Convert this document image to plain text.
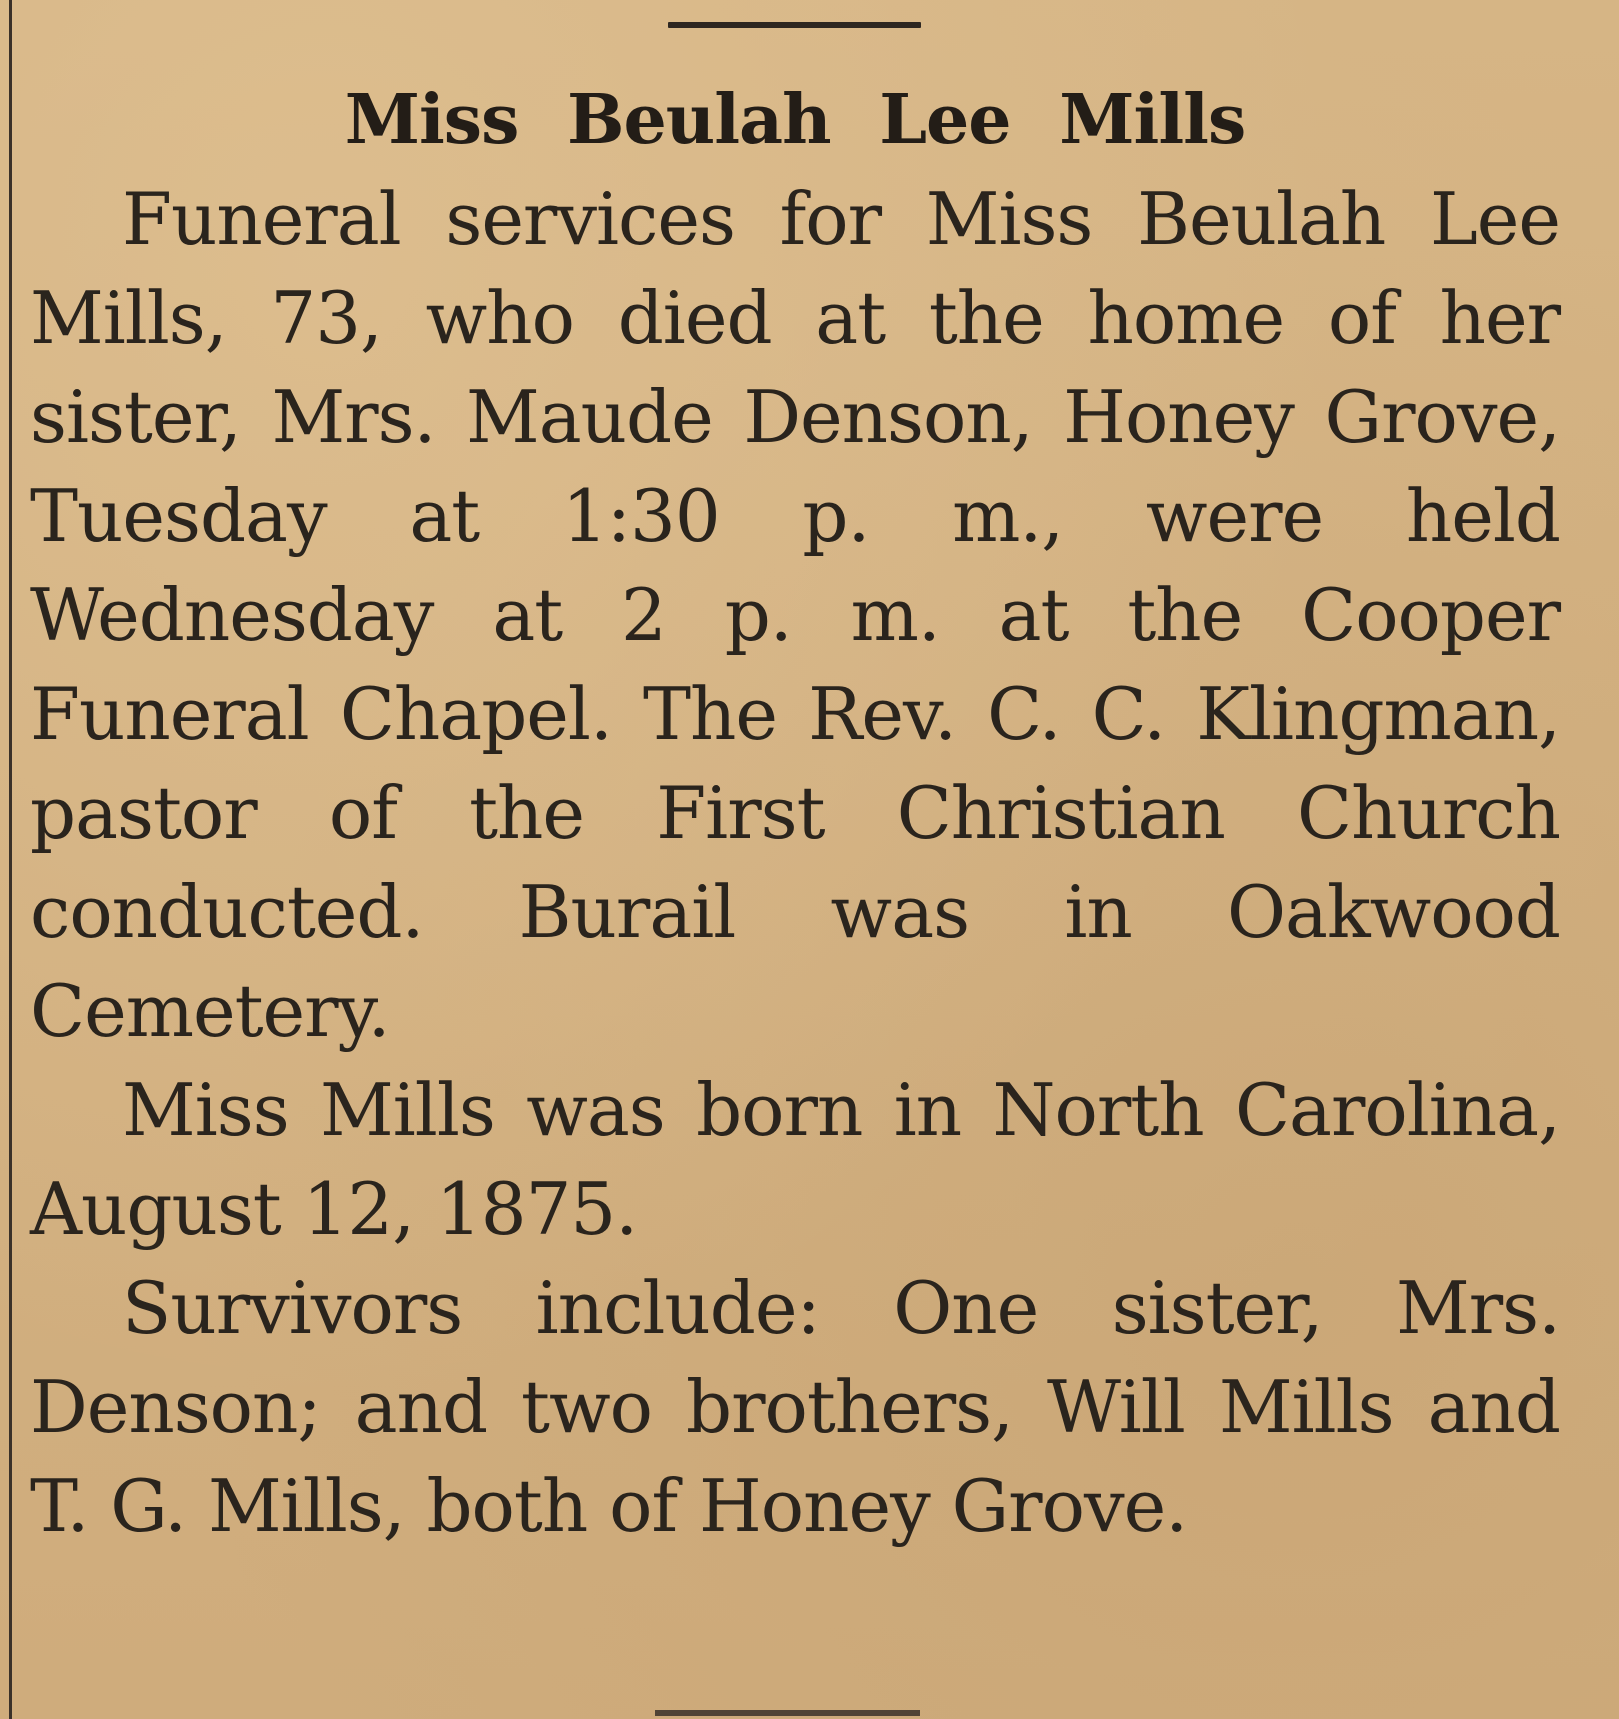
Miss Beulah Lee Mills

Funeral services for Miss Beulah Lee Mills, 73, who died at the home of her sister, Mrs. Maude Denson, Honey Grove, Tuesday at 1:30 p. m., were held Wednesday at 2 p. m. at the Cooper Funeral Chapel. The Rev. C. C. Klingman, pastor of the First Christian Church conducted. Burail was in Oakwood Cemetery.

Miss Mills was born in North Carolina, August 12, 1875.

Survivors include: One sister, Mrs. Denson; and two brothers, Will Mills and T. G. Mills, both of Honey Grove.
